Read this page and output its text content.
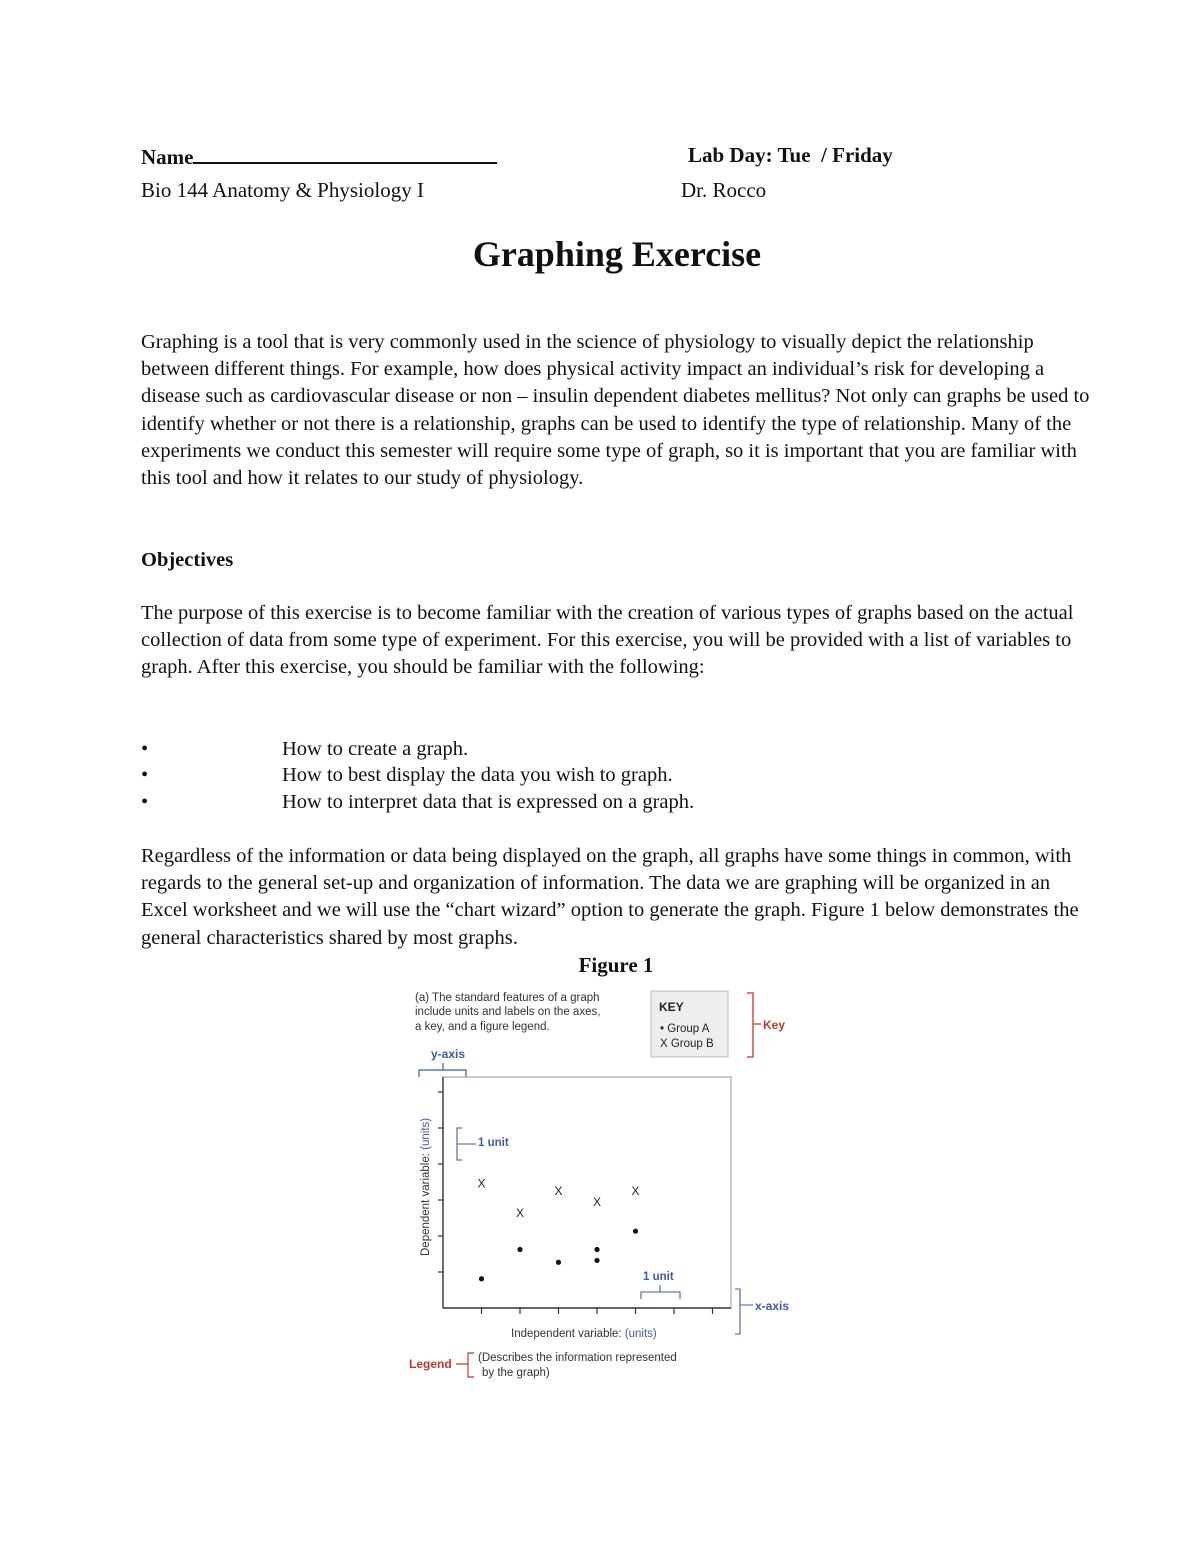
Name	Lab Day: Tue  / Friday
Bio 144 Anatomy & Physiology I	Dr. Rocco
Graphing Exercise

Graphing is a tool that is very commonly used in the science of physiology to visually depict the relationship between different things. For example, how does physical activity impact an individual’s risk for developing a disease such as cardiovascular disease or non – insulin dependent diabetes mellitus? Not only can graphs be used to identify whether or not there is a relationship, graphs can be used to identify the type of relationship. Many of the experiments we conduct this semester will require some type of graph, so it is important that you are familiar with this tool and how it relates to our study of physiology.

Objectives

The purpose of this exercise is to become familiar with the creation of various types of graphs based on the actual collection of data from some type of experiment. For this exercise, you will be provided with a list of variables to graph. After this exercise, you should be familiar with the following:

•	How to create a graph.
•	How to best display the data you wish to graph.
•	How to interpret data that is expressed on a graph.

Regardless of the information or data being displayed on the graph, all graphs have some things in common, with regards to the general set-up and organization of information. The data we are graphing will be organized in an Excel worksheet and we will use the “chart wizard” option to generate the graph. Figure 1 below demonstrates the general characteristics shared by most graphs.

Figure 1
(a) The standard features of a graph
include units and labels on the axes,
a key, and a figure legend.
KEY
• Group A
X Group B
Key
y-axis
1 unit
1 unit
Dependent variable: (units)
Independent variable: (units)
x-axis
Legend (Describes the information represented
by the graph)
X
X
X
X
X
